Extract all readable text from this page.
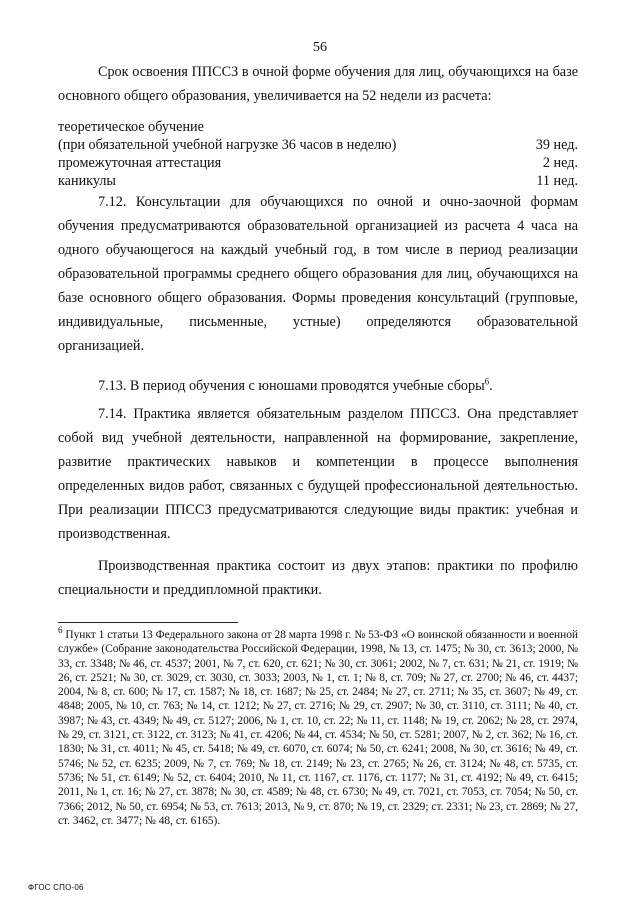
56

Срок освоения ППССЗ в очной форме обучения для лиц, обучающихся на базе основного общего образования, увеличивается на 52 недели из расчета:

теоретическое обучение
(при обязательной учебной нагрузке 36 часов в неделю)	39 нед.
промежуточная аттестация	2 нед.
каникулы	11 нед.

7.12. Консультации для обучающихся по очной и очно-заочной формам обучения предусматриваются образовательной организацией из расчета 4 часа на одного обучающегося на каждый учебный год, в том числе в период реализации образовательной программы среднего общего образования для лиц, обучающихся на базе основного общего образования. Формы проведения консультаций (групповые, индивидуальные, письменные, устные) определяются образовательной организацией.

7.13. В период обучения с юношами проводятся учебные сборы$^6$.

7.14. Практика является обязательным разделом ППССЗ. Она представляет собой вид учебной деятельности, направленной на формирование, закрепление, развитие практических навыков и компетенции в процессе выполнения определенных видов работ, связанных с будущей профессиональной деятельностью. При реализации ППССЗ предусматриваются следующие виды практик: учебная и производственная.

Производственная практика состоит из двух этапов: практики по профилю специальности и преддипломной практики.

$^6$ Пункт 1 статьи 13 Федерального закона от 28 марта 1998 г. № 53-ФЗ «О воинской обязанности и военной службе» (Собрание законодательства Российской Федерации, 1998, № 13, ст. 1475; № 30, ст. 3613; 2000, № 33, ст. 3348; № 46, ст. 4537; 2001, № 7, ст. 620, ст. 621; № 30, ст. 3061; 2002, № 7, ст. 631; № 21, ст. 1919; № 26, ст. 2521; № 30, ст. 3029, ст. 3030, ст. 3033; 2003, № 1, ст. 1; № 8, ст. 709; № 27, ст. 2700; № 46, ст. 4437; 2004, № 8, ст. 600; № 17, ст. 1587; № 18, ст. 1687; № 25, ст. 2484; № 27, ст. 2711; № 35, ст. 3607; № 49, ст. 4848; 2005, № 10, ст. 763; № 14, ст. 1212; № 27, ст. 2716; № 29, ст. 2907; № 30, ст. 3110, ст. 3111; № 40, ст. 3987; № 43, ст. 4349; № 49, ст. 5127; 2006, № 1, ст. 10, ст. 22; № 11, ст. 1148; № 19, ст. 2062; № 28, ст. 2974, № 29, ст. 3121, ст. 3122, ст. 3123; № 41, ст. 4206; № 44, ст. 4534; № 50, ст. 5281; 2007, № 2, ст. 362; № 16, ст. 1830; № 31, ст. 4011; № 45, ст. 5418; № 49, ст. 6070, ст. 6074; № 50, ст. 6241; 2008, № 30, ст. 3616; № 49, ст. 5746; № 52, ст. 6235; 2009, № 7, ст. 769; № 18, ст. 2149; № 23, ст. 2765; № 26, ст. 3124; № 48, ст. 5735, ст. 5736; № 51, ст. 6149; № 52, ст. 6404; 2010, № 11, ст. 1167, ст. 1176, ст. 1177; № 31, ст. 4192; № 49, ст. 6415; 2011, № 1, ст. 16; № 27, ст. 3878; № 30, ст. 4589; № 48, ст. 6730; № 49, ст. 7021, ст. 7053, ст. 7054; № 50, ст. 7366; 2012, № 50, ст. 6954; № 53, ст. 7613; 2013, № 9, ст. 870; № 19, ст. 2329; ст. 2331; № 23, ст. 2869; № 27, ст. 3462, ст. 3477; № 48, ст. 6165).

ФГОС СПО-06
